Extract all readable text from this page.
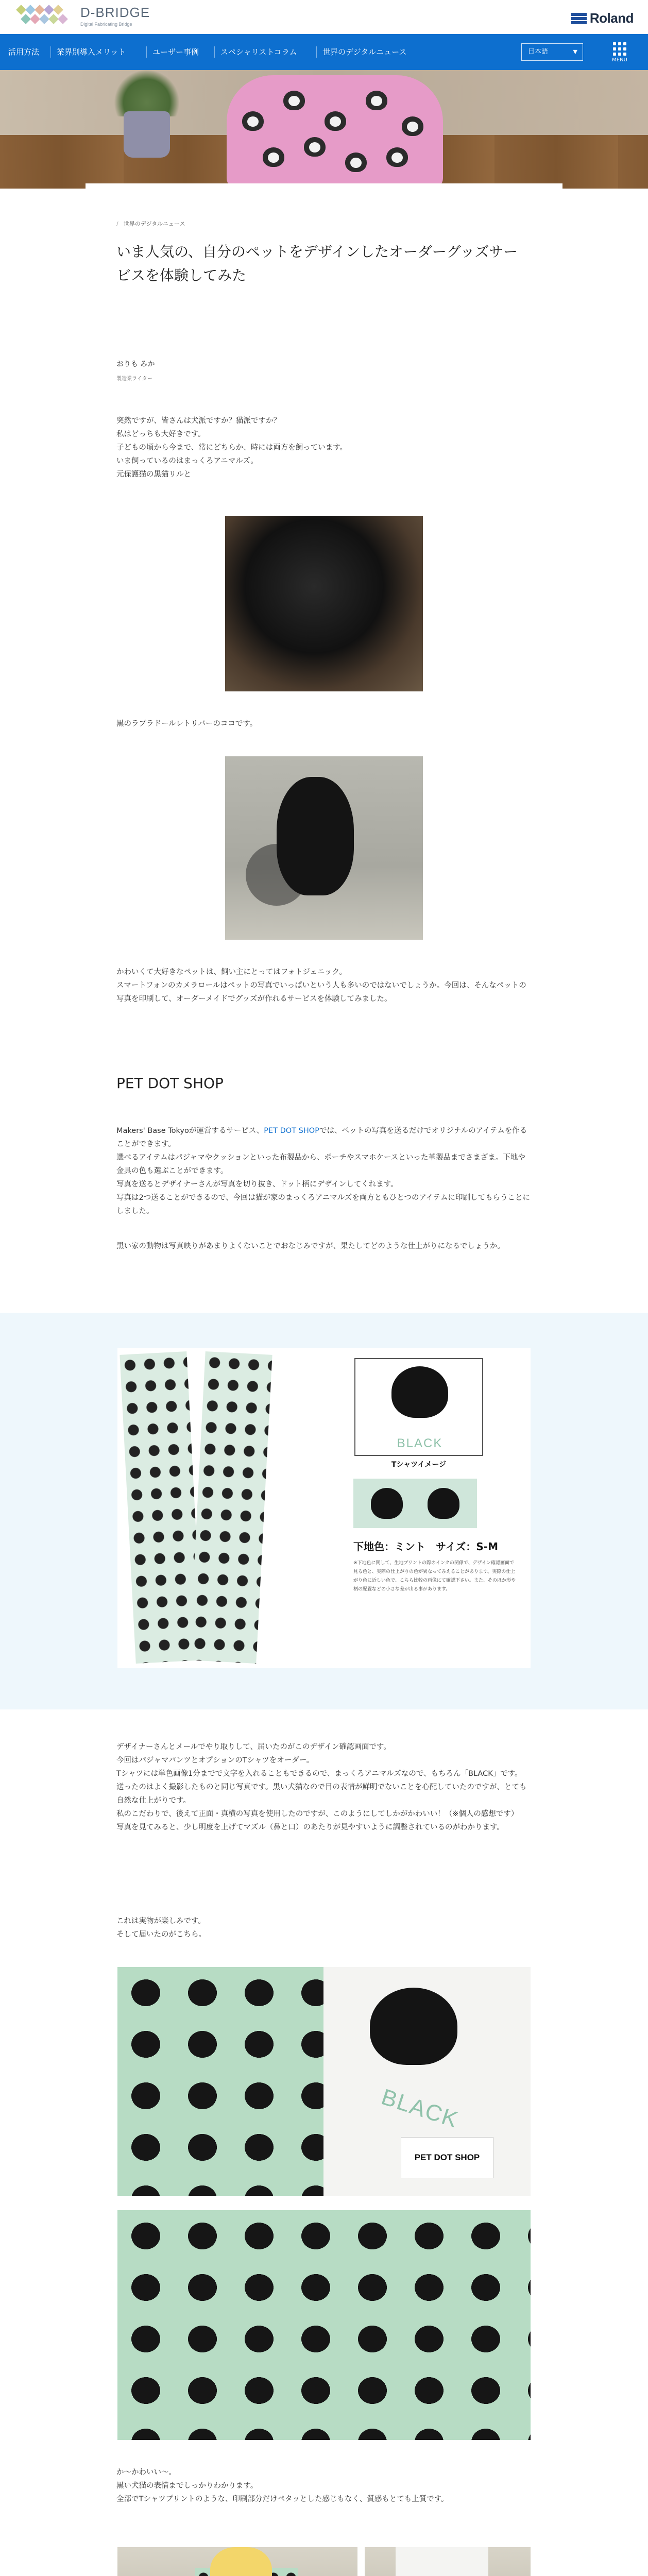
D-BRIDGE
Digital Fabricating Bridge	Roland
活用方法 業界別導入メリット	ユーザー事例	スペシャリストコラム	世界のデジタルニュース	日本語	▼
MENU
/ 世界のデジタルニュース
いま人気の、自分のペットをデザインしたオーダーグッズサービスを体験してみた
おりも みか
製造業ライター

突然ですが、皆さんは犬派ですか？猫派ですか？

私はどっちも大好きです。

子どもの頃から今まで、常にどちらか、時には両方を飼っています。

いま飼っているのはまっくろアニマルズ。

元保護猫の黒猫リルと

黒のラブラドールレトリバーのココです。

かわいくて大好きなペットは、飼い主にとってはフォトジェニック。

スマートフォンのカメラロールはペットの写真でいっぱいという人も多いのではないでしょうか。今回は、そんなペットの写真を印刷して、オーダーメイドでグッズが作れるサービスを体験してみました。

PET DOT SHOP

Makers' Base Tokyoが運営するサービス、PET DOT SHOPでは、ペットの写真を送るだけでオリジナルのアイテムを作ることができます。

選べるアイテムはパジャマやクッションといった布製品から、ポーチやスマホケースといった革製品までさまざま。下地や金具の色も選ぶことができます。

写真を送るとデザイナーさんが写真を切り抜き、ドット柄にデザインしてくれます。

写真は2つ送ることができるので、今回は猫が家のまっくろアニマルズを両方ともひとつのアイテムに印刷してもらうことにしました。

黒い家の動物は写真映りがあまりよくないことでおなじみですが、果たしてどのような仕上がりになるでしょうか。

BLACK
Tシャツイメージ
下地色：ミント　サイズ：S-M
※下地色に関して、生地プリントの際のインクの関係で、デザイン確認画面で見る色と、実際の仕上がりの色が異なってみえることがあります。実際の仕上がり色に近しい色で、こちら比較の画像にて確認下さい。また、そのほか形や柄の配置などの小さな差が出る事があります。

デザイナーさんとメールでやり取りして、届いたのがこのデザイン確認画面です。

今回はパジャマパンツとオプションのTシャツをオーダー。

Tシャツには単色画像1分までで文字を入れることもできるので、まっくろアニマルズなので、もちろん「BLACK」です。

送ったのはよく撮影したものと同じ写真です。黒い犬猫なので目の表情が鮮明でないことを心配していたのですが、とても自然な仕上がりです。

私のこだわりで、後えて正面・真横の写真を使用したのですが、このようにしてしかがかわいい！（※個人の感想です）

写真を見てみると、少し明度を上げてマズル（鼻と口）のあたりが見やすいように調整されているのがわかります。

これは実物が楽しみです。

そして届いたのがこちら。

BLACK
PET DOT SHOP

か〜かわいい〜。

黒い犬猫の表情までしっかりわかります。

全部でTシャツプリントのような、印刷部分だけペタッとした感じもなく、質感もとても上質です。
